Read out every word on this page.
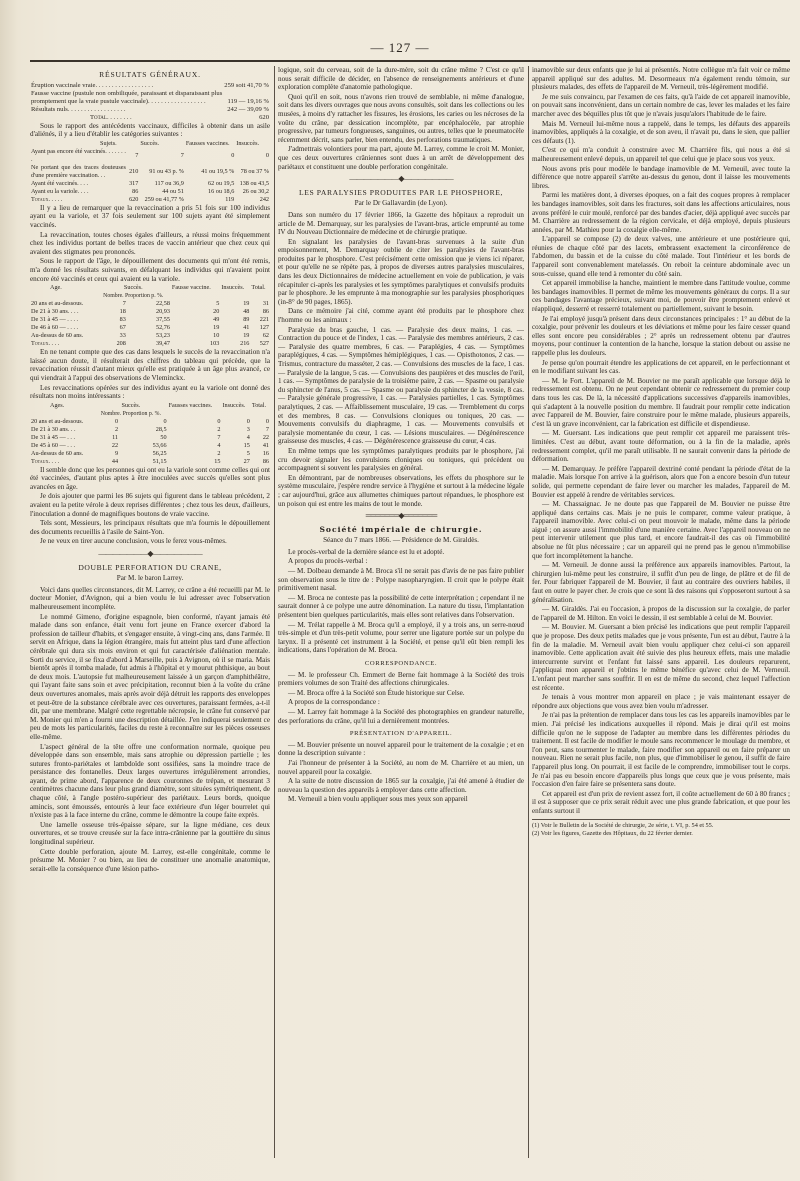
— 127 —

RÉSULTATS GÉNÉRAUX.

Éruption vaccinale vraie. . . . . . . . . . . . . . . . . .	259 soit 41,70 %
Fausse vaccine (pustule non ombiliquée, paraissant et disparaissant plus promptement que la vraie pustule vaccinale). . . . . . . . . . . . . . . . . .	119 — 19,16 %
Résultats nuls. . . . . . . . . . . . . . . . . .	242 — 39,09 %
Total. . . . . . . .	620

Sous le rapport des antécédents vaccinaux, difficiles à obtenir dans un asile d'aliénés, il y a lieu d'établir les catégories suivantes :

Sujets.		Succès.	Fausses vaccines.	Insuccès.
Ayant pas encore été vaccinés. . . . . . . .	7	7	0	0
Ne portant que des traces douteuses d'une première vaccination. . .	210	91 ou 43 p. %	41 ou 19,5 %	78 ou 37 %
Ayant été vaccinés. . . .	317	117 ou 36,9	62 ou 19,5	138 ou 43,5
Ayant eu la variole. . . .	86	44 ou 51	16 ou 18,6	26 ou 30,2
Totaux. . . . .	620	259 ou 41,77 %	119	242

Il y a lieu de remarquer que la revaccination a pris 51 fois sur 100 individus ayant eu la variole, et 37 fois seulement sur 100 sujets ayant été simplement vaccinés.

La revaccination, toutes choses égales d'ailleurs, a réussi moins fréquemment chez les individus portant de belles traces de vaccin antérieur que chez ceux qui avaient des stigmates peu prononcés.

Sous le rapport de l'âge, le dépouillement des documents qui m'ont été remis, m'a donné les résultats suivants, en défalquant les individus qui n'avaient point encore été vaccinés et ceux qui avaient eu la variole.

Age.	Succès.		Fausse vaccine.	Insuccès.	Total.
	Nombre. Proportion p. %.				
20 ans et au-dessous.	7	22,58	5	19	31
De 21 à 30 ans. . . .	18	20,93	20	48	86
De 31 à 45 — . . . .	83	37,55	49	89	221
De 46 à 60 — . . . .	67	52,76	19	41	127
Au-dessus de 60 ans.	33	53,23	10	19	62
Totaux. . . .	208	39,47	103	216	527

En ne tenant compte que des cas dans lesquels le succès de la revaccination n'a laissé aucun doute, il résulterait des chiffres du tableau qui précède, que la revaccination réussit d'autant mieux qu'elle est pratiquée à un âge plus avancé, ce qui viendrait à l'appui des observations de Vleminckx.

Les revaccinations opérées sur des individus ayant eu la variole ont donné des résultats non moins intéressants :

Ages.	Succès.		Fausses vaccines.	Insuccès.	Total.
	Nombre. Proportion p. %.				
20 ans et au-dessous.	0	0	0	0	0
De 21 à 30 ans. . .	2	28,5	2	3	7
De 31 à 45 — . . .	11	50	7	4	22
De 45 à 60 — . . .	22	53,66	4	15	41
Au-dessus de 60 ans.	9	56,25	2	5	16
Totaux. . . .	44	51,15	15	27	86

Il semble donc que les personnes qui ont eu la variole sont comme celles qui ont été vaccinées, d'autant plus aptes à être inoculées avec succès qu'elles sont plus avancées en âge.

Je dois ajouter que parmi les 86 sujets qui figurent dans le tableau précédent, 2 avaient eu la petite vérole à deux reprises différentes ; chez tous les deux, d'ailleurs, l'inoculation a donné de magnifiques boutons de vraie vaccine.

Tels sont, Messieurs, les principaux résultats que m'a fournis le dépouillement des documents recueillis à l'asile de Saint-Yon.

Je ne veux en tirer aucune conclusion, vous le ferez vous-mêmes.

———————◆———————

DOUBLE PERFORATION DU CRANE,

Par M. le baron Larrey.

Voici dans quelles circonstances, dit M. Larrey, ce crâne a été recueilli par M. le docteur Monier, d'Avignon, qui a bien voulu le lui adresser avec l'observation malheureusement incomplète.

Le nommé Gimeno, d'origine espagnole, bien conformé, n'ayant jamais été malade dans son enfance, était venu fort jeune en France exercer d'abord la profession de tailleur d'habits, et s'engager ensuite, à vingt-cinq ans, dans l'armée. Il servit en Afrique, dans la légion étrangère, mais fut atteint plus tard d'une affection cérébrale qui dura six mois environ et qui fut caractérisée d'aliénation mentale. Sorti du service, il se fixa d'abord à Marseille, puis à Avignon, où il se maria. Mais bientôt après il tomba malade, fut admis à l'hôpital et y mourut phthisique, au bout de deux mois. L'autopsie fut malheureusement laissée à un garçon d'amphithéâtre, qui l'ayant faite sans soin et avec précipitation, reconnut bien à la voûte du crâne deux ouvertures anomales, mais après avoir déjà détruit les rapports des enveloppes et peut-être de la substance cérébrale avec ces ouvertures, paraissant fermées, a-t-il dit, par une membrane. Malgré cette regrettable nécropsie, le crâne fut conservé par M. Monier qui m'en a fourni une description détaillée. J'en indiquerai seulement ce peu de mots les particularités, faciles du reste à reconnaître sur les pièces osseuses elle-même.

L'aspect général de la tête offre une conformation normale, quoique peu développée dans son ensemble, mais sans atrophie ou dépression partielle ; les sutures fronto-pariétales et lambdoïde sont ossifiées, sans la moindre trace de persistance des fontanelles. Deux larges ouvertures irrégulièrement arrondies, ayant, de prime abord, l'apparence de deux couronnes de trépan, et mesurant 3 centimètres chacune dans leur plus grand diamètre, sont situées symétriquement, de chaque côté, à l'angle postéro-supérieur des pariétaux. Leurs bords, quoique amincis, sont émoussés, entourés à leur face extérieure d'un léger bourrelet qui n'existe pas à la face interne du crâne, comme le démontre la coupe faite exprès.

Une lamelle osseuse très-épaisse sépare, sur la ligne médiane, ces deux ouvertures, et se trouve creusée sur la face intra-crânienne par la gouttière du sinus longitudinal supérieur.

Cette double perforation, ajoute M. Larrey, est-elle congénitale, comme le présume M. Monier ? ou bien, au lieu de constituer une anomalie anatomique, serait-elle la conséquence d'une lésion patho-

logique, soit du cerveau, soit de la dure-mère, soit du crâne même ? C'est ce qu'il nous serait difficile de décider, en l'absence de renseignements antérieurs et d'une exploration complète d'anatomie pathologique.

Quoi qu'il en soit, nous n'avons rien trouvé de semblable, ni même d'analogue, soit dans les divers ouvrages que nous avons consultés, soit dans les collections ou les musées, à moins d'y rattacher les fissures, les érosions, les caries ou les nécroses de la voûte du crâne, par dessication incomplète, par encéphalocèle, par atrophie progressive, par tumeurs fongueuses, sanguines, ou autres, telles que le pneumatocèle récemment décrit, sans parler, bien entendu, des perforations traumatiques.

J'admettrais volontiers pour ma part, ajoute M. Larrey, comme le croit M. Monier, que ces deux ouvertures crâniennes sont dues à un arrêt de développement des pariétaux et constituent une double perforation congénitale.

———————◆———————

LES PARALYSIES PRODUITES PAR LE PHOSPHORE,

Par le Dr Gallavardin (de Lyon).

Dans son numéro du 17 février 1866, la Gazette des hôpitaux a reproduit un article de M. Demarquay, sur les paralysies de l'avant-bras, article emprunté au tome IV du Nouveau Dictionnaire de médecine et de chirurgie pratique.

En signalant les paralysies de l'avant-bras survenues à la suite d'un empoisonnement, M. Demarquay oublie de citer les paralysies de l'avant-bras produites par le phosphore. C'est précisément cette omission que je viens ici réparer, et pour qu'elle ne se répète pas, à propos de diverses autres paralysies musculaires, dans les deux Dictionnaires de médecine actuellement en voie de publication, je vais récapituler ci-après les paralysies et les symptômes paralytiques et convulsifs produits par le phosphore. Je les emprunte à ma monographie sur les paralysies phosphoriques (in-8° de 90 pages, 1865).

Dans ce mémoire j'ai cité, comme ayant été produits par le phosphore chez l'homme ou les animaux :

Paralysie du bras gauche, 1 cas. — Paralysie des deux mains, 1 cas. — Contraction du pouce et de l'index, 1 cas. — Paralysie des membres antérieurs, 2 cas. — Paralysie des quatre membres, 6 cas. — Paraplégies, 4 cas. — Symptômes paraplégiques, 4 cas. — Symptômes hémiplégiques, 1 cas. — Opisthotonos, 2 cas. — Trismus, contracture du masséter, 2 cas. — Convulsions des muscles de la face, 1 cas. — Paralysie de la langue, 5 cas. — Convulsions des paupières et des muscles de l'œil, 1 cas. — Symptômes de paralysie de la troisième paire, 2 cas. — Spasme ou paralysie du sphincter de l'anus, 5 cas. — Spasme ou paralysie du sphincter de la vessie, 8 cas. — Paralysie générale progressive, 1 cas. — Paralysies partielles, 1 cas. Symptômes paralytiques, 2 cas. — Affaiblissement musculaire, 19 cas. — Tremblement du corps et des membres, 8 cas. — Convulsions cloniques ou toniques, 20 cas. — Mouvements convulsifs du diaphragme, 1 cas. — Mouvements convulsifs et paralysie momentanée du cœur, 1 cas. — Lésions musculaires. — Dégénérescence graisseuse des muscles, 4 cas. — Dégénérescence graisseuse du cœur, 4 cas.

En même temps que les symptômes paralytiques produits par le phosphore, j'ai cru devoir signaler les convulsions cloniques ou toniques, qui précèdent ou accompagnent si souvent les paralysies en général.

En démontrant, par de nombreuses observations, les effets du phosphore sur le système musculaire, j'espère rendre service à l'hygiène et surtout à la médecine légale ; car aujourd'hui, grâce aux allumettes chimiques partout répandues, le phosphore est un poison qui est entre les mains de tout le monde.

═══════◆═══════

Société impériale de chirurgie.

Séance du 7 mars 1866. — Présidence de M. Giraldès.

Le procès-verbal de la dernière séance est lu et adopté.

A propos du procès-verbal :

— M. Dolbeau demande à M. Broca s'il ne serait pas d'avis de ne pas faire publier son observation sous le titre de : Polype nasopharyngien. Il croit que le polype était primitivement nasal.

— M. Broca ne conteste pas la possibilité de cette interprétation ; cependant il ne saurait donner à ce polype une autre dénomination. La nature du tissu, l'implantation présentent bien quelques particularités, mais elles sont relatives dans l'observation.

— M. Trélat rappelle à M. Broca qu'il a employé, il y a trois ans, un serre-nœud très-simple et d'un très-petit volume, pour serrer une ligature portée sur un polype du larynx. Il a présenté cet instrument à la Société, et pense qu'il eût bien rempli les indications, dans l'opération de M. Broca.

CORRESPONDANCE.

— M. le professeur Ch. Emmert de Berne fait hommage à la Société des trois premiers volumes de son Traité des affections chirurgicales.

— M. Broca offre à la Société son Étude historique sur Celse.

A propos de la correspondance :

— M. Larrey fait hommage à la Société des photographies en grandeur naturelle, des perforations du crâne, qu'il lui a dernièrement montrées.

PRÉSENTATION D'APPAREIL.

— M. Bouvier présente un nouvel appareil pour le traitement de la coxalgie ; et en donne la description suivante :

J'ai l'honneur de présenter à la Société, au nom de M. Charrière et au mien, un nouvel appareil pour la coxalgie.

A la suite de notre discussion de 1865 sur la coxalgie, j'ai été amené à étudier de nouveau la question des appareils à employer dans cette affection.

M. Verneuil a bien voulu appliquer sous mes yeux son appareil

inamovible sur deux enfants que je lui ai présentés. Notre collègue m'a fait voir ce même appareil appliqué sur des adultes. M. Desormeaux m'a également rendu témoin, sur plusieurs malades, des effets de l'appareil de M. Verneuil, très-légèrement modifié.

Je me suis convaincu, par l'examen de ces faits, qu'à l'aide de cet appareil inamovible, on pouvait sans inconvénient, dans un certain nombre de cas, lever les malades et les faire marcher avec des béquilles plus tôt que je n'avais jusqu'alors l'habitude de le faire.

Mais M. Verneuil lui-même nous a rappelé, dans le temps, les défauts des appareils inamovibles, appliqués à la coxalgie, et de son aveu, il n'avait pu, dans le sien, que pallier ces défauts (1).

C'est ce qui m'a conduit à construire avec M. Charrière fils, qui nous a été si malheureusement enlevé depuis, un appareil tel que celui que je place sous vos yeux.

Nous avons pris pour modèle le bandage inamovible de M. Verneuil, avec toute la différence que notre appareil s'arrête au-dessus du genou, dont il laisse les mouvements libres.

Parmi les matières dont, à diverses époques, on a fait des coques propres à remplacer les bandages inamovibles, soit dans les fractures, soit dans les affections articulaires, nous avons préféré le cuir moulé, renforcé par des bandes d'acier, déjà appliqué avec succès par M. Charrière au redressement de la région cervicale, et déjà employé, depuis plusieurs années, par M. Mathieu pour la coxalgie elle-même.

L'appareil se compose (2) de deux valves, une antérieure et une postérieure qui, réunies de chaque côté par des lacets, embrassent exactement la circonférence de l'abdomen, du bassin et de la cuisse du côté malade. Tout l'intérieur et les bords de l'appareil sont convenablement matelassés. On reboit la ceinture abdominale avec un sous-cuisse, quand elle tend à remonter du côté sain.

Cet appareil immobilise la hanche, maintient le membre dans l'attitude voulue, comme les bandages inamovibles. Il permet de même les mouvements généraux du corps. Il a sur ces bandages l'avantage précieux, suivant moi, de pouvoir être promptement enlevé et réappliqué, desserré et resserré totalement ou partiellement, suivant le besoin.

Je l'ai employé jusqu'à présent dans deux circonstances principales : 1° au début de la coxalgie, pour prévenir les douleurs et les déviations et même pour les faire cesser quand elles sont encore peu considérables ; 2° après un redressement obtenu par d'autres moyens, pour continuer la contention de la hanche, lorsque la station debout ou assise ne rappelle plus les douleurs.

Je pense qu'on pourrait étendre les applications de cet appareil, en le perfectionnant et en le modifiant suivant les cas.

— M. le Fort. L'appareil de M. Bouvier ne me paraît applicable que lorsque déjà le redressement est obtenu. On ne peut cependant obtenir ce redressement du premier coup dans tous les cas. De là, la nécessité d'applications successives d'appareils inamovibles, qui s'adaptent à la nouvelle position du membre. Il faudrait pour remplir cette indication avec l'appareil de M. Bouvier, faire construire pour le même malade, plusieurs appareils, c'est là un grave inconvénient, car la fabrication est difficile et dispendieuse.

— M. Guersant. Les indications que peut remplir cet appareil me paraissent très-limitées. C'est au début, avant toute déformation, ou à la fin de la maladie, après redressement complet, qu'il me paraît utilisable. Il ne saurait convenir dans la période de déformation.

— M. Demarquay. Je préfère l'appareil dextriné conté pendant la période d'état de la maladie. Mais lorsque l'on arrive à la guérison, alors que l'on a encore besoin d'un tuteur solide, qui permette cependant de faire lever ou marcher les malades, l'appareil de M. Bouvier est appelé à rendre de véritables services.

— M. Chassaignac. Je ne doute pas que l'appareil de M. Bouvier ne puisse être appliqué dans certains cas. Mais je ne puis le comparer, comme valeur pratique, à l'appareil inamovible. Avec celui-ci on peut mouvoir le malade, même dans la période aiguë ; on assure aussi l'immobilité d'une manière certaine. Avec l'appareil nouveau on ne peut intervenir utilement que plus tard, et encore faudrait-il des cas où l'immobilité absolue ne fût plus nécessaire ; car un appareil qui ne prend pas le genou n'immobilise que fort incomplètement la hanche.

— M. Verneuil. Je donne aussi la préférence aux appareils inamovibles. Partout, la chirurgien lui-même peut les construire, il suffit d'un peu de linge, de plâtre et de fil de fer. Pour fabriquer l'appareil de M. Bouvier, il faut au contraire des ouvriers habiles, il faut en outre le payer cher. Je crois que ce sont là des raisons qui s'opposeront surtout à sa généralisation.

— M. Giraldès. J'ai eu l'occasion, à propos de la discussion sur la coxalgie, de parler de l'appareil de M. Hilton. En voici le dessin, il est semblable à celui de M. Bouvier.

— M. Bouvier. M. Guersant a bien précisé les indications que peut remplir l'appareil que je propose. Des deux petits malades que je vous présente, l'un est au début, l'autre à la fin de la maladie. M. Verneuil avait bien voulu appliquer chez celui-ci son appareil inamovible. Cette application avait été suivie des plus heureux effets, mais une maladie intercurrente survint et l'enfant fut laissé sans appareil. Les douleurs reparurent, j'appliquai mon appareil et j'obtins le même bénéfice qu'avec celui de M. Verneuil. L'enfant peut marcher sans souffrir. Il en est de même du second, chez lequel l'affection est récente.

Je tenais à vous montrer mon appareil en place ; je vais maintenant essayer de répondre aux objections que vous avez bien voulu m'adresser.

Je n'ai pas la prétention de remplacer dans tous les cas les appareils inamovibles par le mien. J'ai précisé les indications auxquelles il répond. Mais je dirai qu'il est moins difficile qu'on ne le suppose de l'adapter au membre dans les différentes périodes du traitement. Il est facile de modifier le moule sans recommencer le moulage du membre, et l'on peut, sans tourmenter le malade, faire modifier son appareil ou en faire préparer un nouveau. Rien ne serait plus facile, non plus, que d'immobiliser le genou, il suffit de faire l'appareil plus long. On pourrait, il est facile de le comprendre, immobiliser tout le corps. Je n'ai pas eu besoin encore d'appareils plus longs que ceux que je vous présente, mais l'occasion d'en faire faire se présentera sans doute.

Cet appareil est d'un prix de revient assez fort, il coûte actuellement de 60 à 80 francs ; il est à supposer que ce prix serait réduit avec une plus grande fabrication, et que pour les enfants surtout il

(1) Voir le Bulletin de la Société de chirurgie, 2e série, t. VI, p. 54 et 55.
(2) Voir les figures, Gazette des Hôpitaux, du 22 février dernier.
